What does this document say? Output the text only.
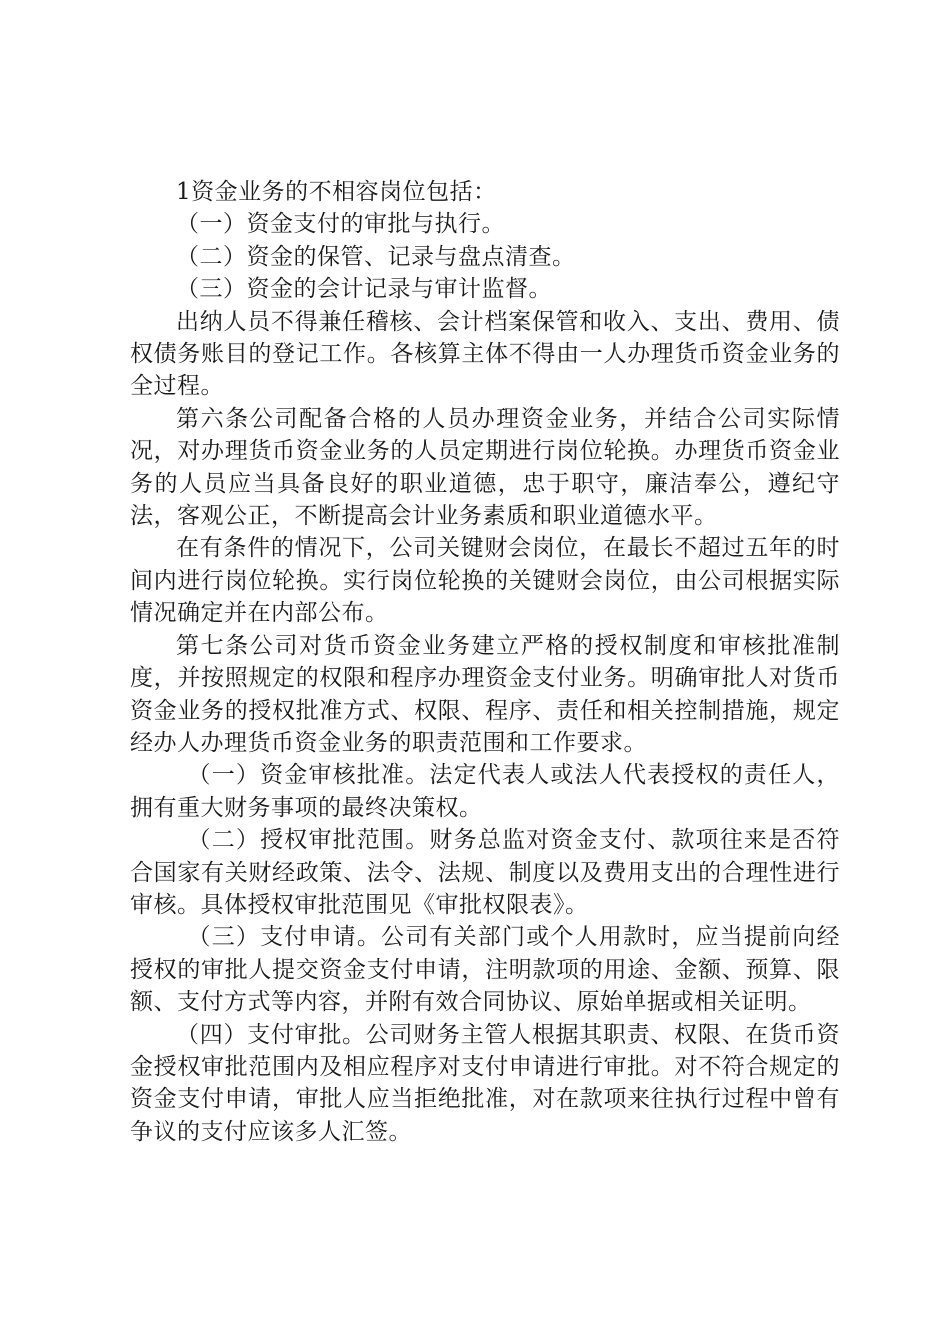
1资金业务的不相容岗位包括：

（一）资金支付的审批与执行。

（二）资金的保管、记录与盘点清查。

（三）资金的会计记录与审计监督。

出纳人员不得兼任稽核、会计档案保管和收入、支出、费用、债权债务账目的登记工作。各核算主体不得由一人办理货币资金业务的全过程。

第六条公司配备合格的人员办理资金业务，并结合公司实际情况，对办理货币资金业务的人员定期进行岗位轮换。办理货币资金业务的人员应当具备良好的职业道德，忠于职守，廉洁奉公，遵纪守法，客观公正，不断提高会计业务素质和职业道德水平。

在有条件的情况下，公司关键财会岗位，在最长不超过五年的时间内进行岗位轮换。实行岗位轮换的关键财会岗位，由公司根据实际情况确定并在内部公布。

第七条公司对货币资金业务建立严格的授权制度和审核批准制度，并按照规定的权限和程序办理资金支付业务。明确审批人对货币资金业务的授权批准方式、权限、程序、责任和相关控制措施，规定经办人办理货币资金业务的职责范围和工作要求。

（一）资金审核批准。法定代表人或法人代表授权的责任人，拥有重大财务事项的最终决策权。

（二）授权审批范围。财务总监对资金支付、款项往来是否符合国家有关财经政策、法令、法规、制度以及费用支出的合理性进行审核。具体授权审批范围见《审批权限表》。

（三）支付申请。公司有关部门或个人用款时，应当提前向经授权的审批人提交资金支付申请，注明款项的用途、金额、预算、限额、支付方式等内容，并附有效合同协议、原始单据或相关证明。

（四）支付审批。公司财务主管人根据其职责、权限、在货币资金授权审批范围内及相应程序对支付申请进行审批。对不符合规定的资金支付申请，审批人应当拒绝批准，对在款项来往执行过程中曾有争议的支付应该多人汇签。
